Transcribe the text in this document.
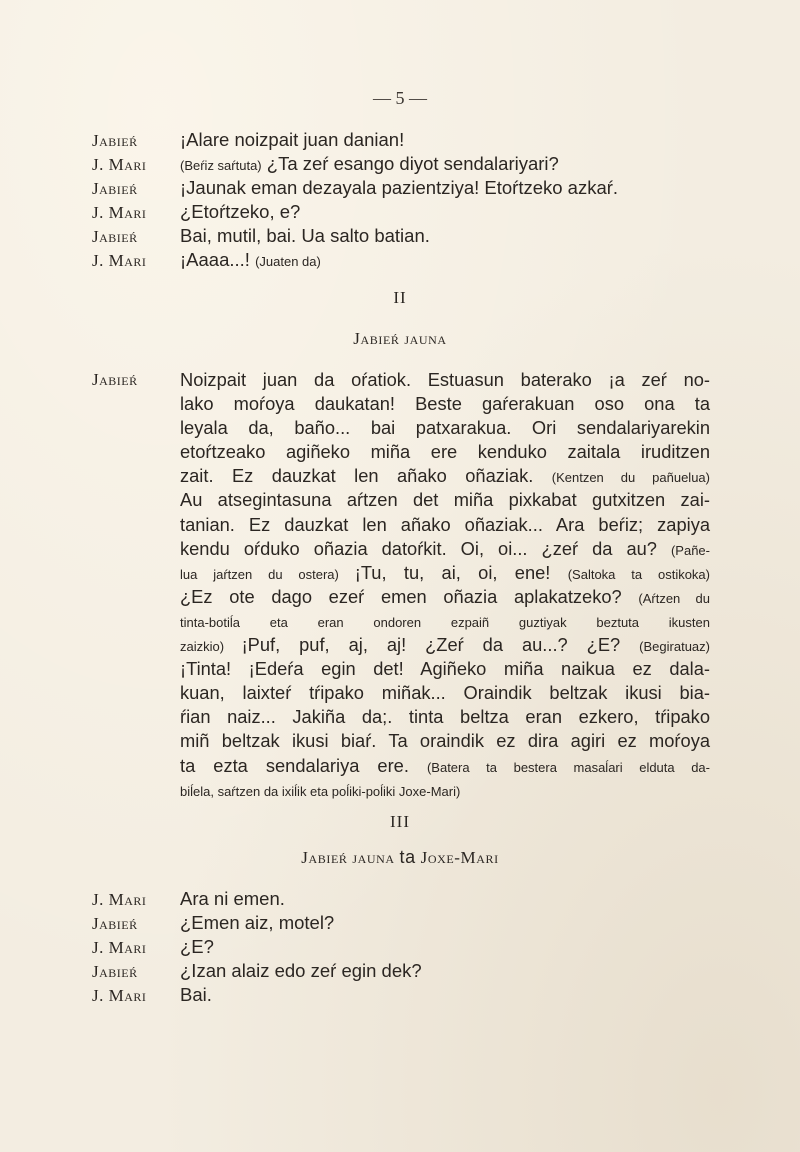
— 5 —
Jabieŕ	¡Alare noizpait juan danian!
J. Mari	(Beŕiz saŕtuta) ¿Ta zeŕ esango diyot sendalariyari?
Jabieŕ	¡Jaunak eman dezayala pazientziya! Etoŕtzeko azkaŕ.
J. Mari	¿Etoŕtzeko, e?
Jabieŕ	Bai, mutil, bai. Ua salto batian.
J. Mari	¡Aaaa...! (Juaten da)
II
Jabieŕ jauna
Jabieŕ	Noizpait juan da oŕatiok. Estuasun baterako ¡a zeŕ no-
lako moŕoya daukatan! Beste gaŕerakuan oso ona ta
leyala da, baño... bai patxarakua. Ori sendalariyarekin
etoŕtzeako agiñeko miña ere kenduko zaitala iruditzen
zait. Ez dauzkat len añako oñaziak. (Kentzen du pañuelua)
Au atsegintasuna aŕtzen det miña pixkabat gutxitzen zai-
tanian. Ez dauzkat len añako oñaziak... Ara beŕiz; zapiya
kendu oŕduko oñazia datoŕkit. Oi, oi... ¿zeŕ da au? (Pañe-
lua jaŕtzen du ostera) ¡Tu, tu, ai, oi, ene! (Saltoka ta ostikoka)
¿Ez ote dago ezeŕ emen oñazia aplakatzeko? (Aŕtzen du
tinta-botiĺa eta eran ondoren ezpaiñ guztiyak beztuta ikusten
zaizkio) ¡Puf, puf, aj, aj! ¿Zeŕ da au...? ¿E? (Begiratuaz)
¡Tinta! ¡Edeŕa egin det! Agiñeko miña naikua ez dala-
kuan, laixteŕ tŕipako miñak... Oraindik beltzak ikusi bia-
ŕian naiz... Jakiña da;. tinta beltza eran ezkero, tŕipako
miñ beltzak ikusi biaŕ. Ta oraindik ez dira agiri ez moŕoya
ta ezta sendalariya ere. (Batera ta bestera masaĺari elduta da-
biĺela, saŕtzen da ixiĺik eta poĺiki-poĺiki Joxe-Mari)
III
Jabieŕ jauna ta Joxe-Mari
J. Mari	Ara ni emen.
Jabieŕ	¿Emen aiz, motel?
J. Mari	¿E?
Jabieŕ	¿Izan alaiz edo zeŕ egin dek?
J. Mari	Bai.
